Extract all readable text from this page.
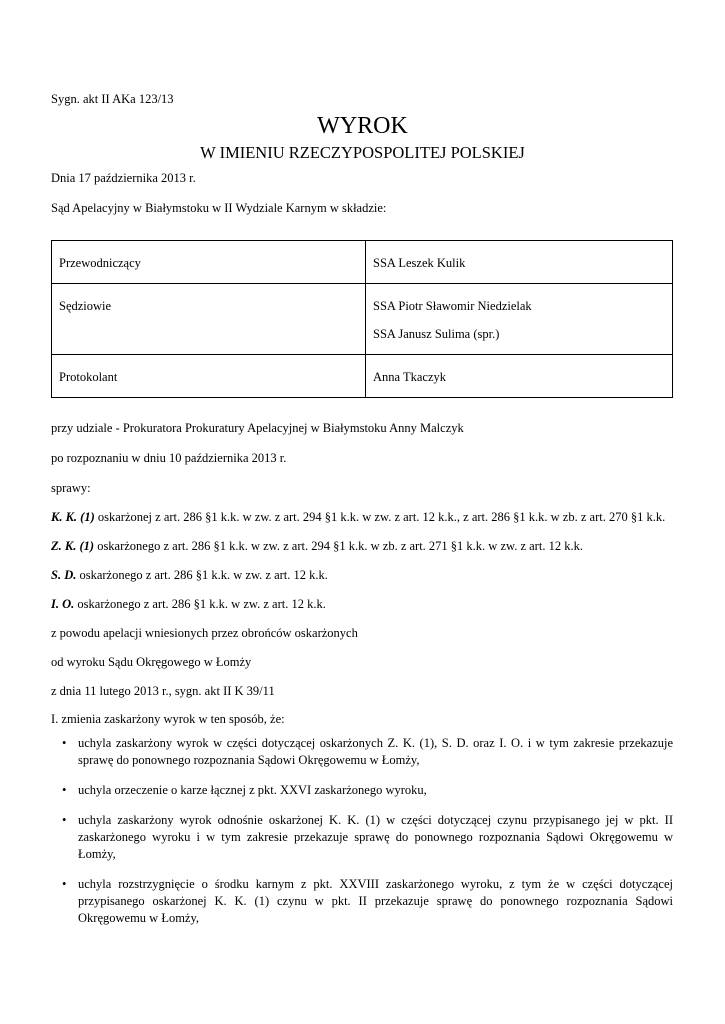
Sygn. akt II AKa 123/13
WYROK
W IMIENIU RZECZYPOSPOLITEJ POLSKIEJ
Dnia 17 października 2013 r.
Sąd Apelacyjny w Białymstoku w II Wydziale Karnym w składzie:
Przewodniczący	SSA Leszek Kulik

Sędziowie	SSA Piotr Sławomir Niedzielak
SSA Janusz Sulima (spr.)

Protokolant	Anna Tkaczyk
przy udziale - Prokuratora Prokuratury Apelacyjnej w Białymstoku Anny Malczyk
po rozpoznaniu w dniu 10 października 2013 r.
sprawy:
K. K. (1) oskarżonej z art. 286 §1 k.k. w zw. z art. 294 §1 k.k. w zw. z art. 12 k.k., z art. 286 §1 k.k. w zb. z art. 270 §1 k.k.
Z. K. (1) oskarżonego z art. 286 §1 k.k. w zw. z art. 294 §1 k.k. w zb. z art. 271 §1 k.k. w zw. z art. 12 k.k.
S. D. oskarżonego z art. 286 §1 k.k. w zw. z art. 12 k.k.
I. O. oskarżonego z art. 286 §1 k.k. w zw. z art. 12 k.k.
z powodu apelacji wniesionych przez obrońców oskarżonych
od wyroku Sądu Okręgowego w Łomży
z dnia 11 lutego 2013 r., sygn. akt II K 39/11
I. zmienia zaskarżony wyrok w ten sposób, że:
• uchyla zaskarżony wyrok w części dotyczącej oskarżonych Z. K. (1), S. D. oraz I. O. i w tym zakresie przekazuje sprawę do ponownego rozpoznania Sądowi Okręgowemu w Łomży,
• uchyla orzeczenie o karze łącznej z pkt. XXVI zaskarżonego wyroku,
• uchyla zaskarżony wyrok odnośnie oskarżonej K. K. (1) w części dotyczącej czynu przypisanego jej w pkt. II zaskarżonego wyroku i w tym zakresie przekazuje sprawę do ponownego rozpoznania Sądowi Okręgowemu w Łomży,
• uchyla rozstrzygnięcie o środku karnym z pkt. XXVIII zaskarżonego wyroku, z tym że w części dotyczącej przypisanego oskarżonej K. K. (1) czynu w pkt. II przekazuje sprawę do ponownego rozpoznania Sądowi Okręgowemu w Łomży,
